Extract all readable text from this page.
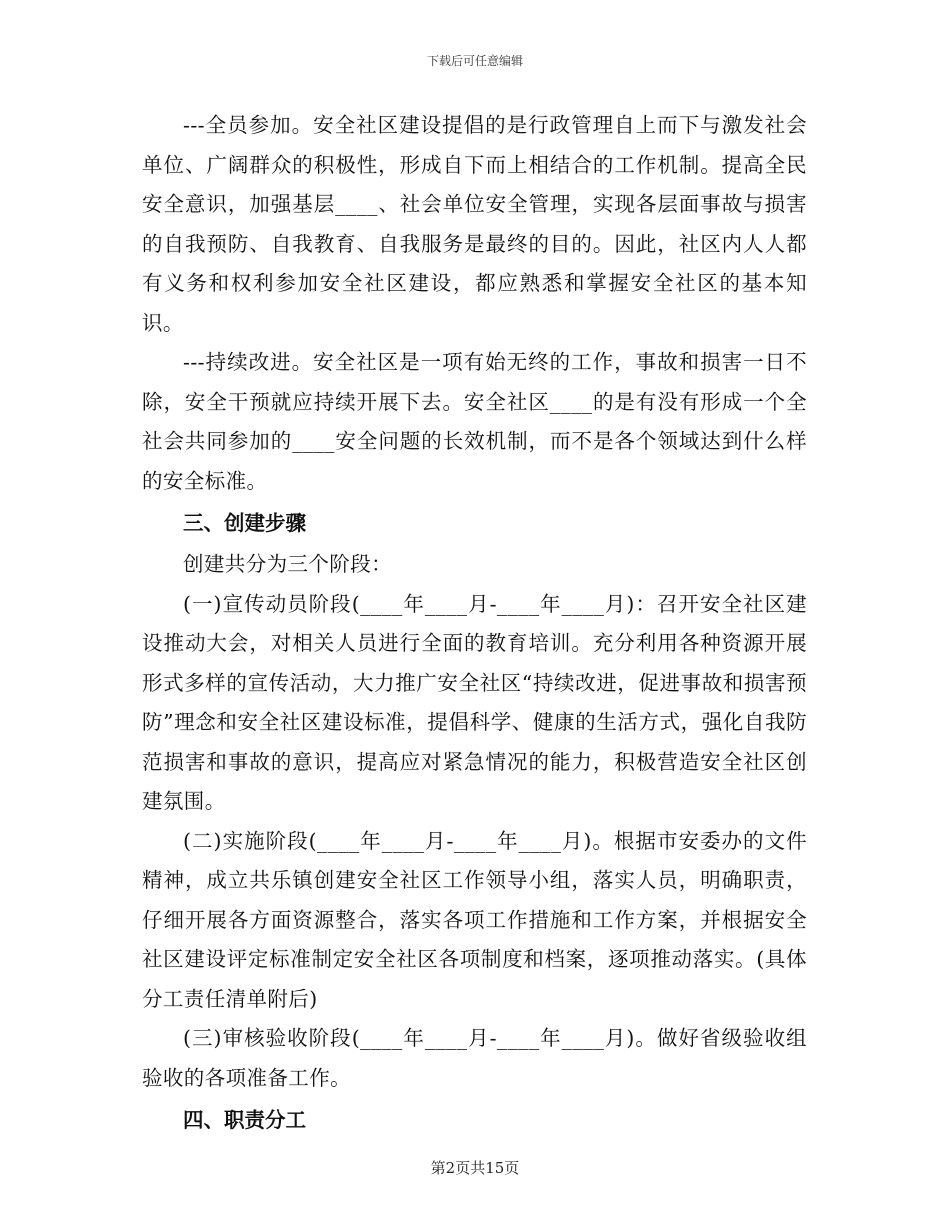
下载后可任意编辑

---全员参加。安全社区建设提倡的是行政管理自上而下与激发社会单位、广阔群众的积极性，形成自下而上相结合的工作机制。提高全民安全意识，加强基层____、社会单位安全管理，实现各层面事故与损害的自我预防、自我教育、自我服务是最终的目的。因此，社区内人人都有义务和权利参加安全社区建设，都应熟悉和掌握安全社区的基本知识。

---持续改进。安全社区是一项有始无终的工作，事故和损害一日不除，安全干预就应持续开展下去。安全社区____的是有没有形成一个全社会共同参加的____安全问题的长效机制，而不是各个领域达到什么样的安全标准。

三、创建步骤

创建共分为三个阶段：

(一)宣传动员阶段(____年____月-____年____月)：召开安全社区建设推动大会，对相关人员进行全面的教育培训。充分利用各种资源开展形式多样的宣传活动，大力推广安全社区“持续改进，促进事故和损害预防”理念和安全社区建设标准，提倡科学、健康的生活方式，强化自我防范损害和事故的意识，提高应对紧急情况的能力，积极营造安全社区创建氛围。

(二)实施阶段(____年____月-____年____月)。根据市安委办的文件精神，成立共乐镇创建安全社区工作领导小组，落实人员，明确职责，仔细开展各方面资源整合，落实各项工作措施和工作方案，并根据安全社区建设评定标准制定安全社区各项制度和档案，逐项推动落实。(具体分工责任清单附后)

(三)审核验收阶段(____年____月-____年____月)。做好省级验收组验收的各项准备工作。

四、职责分工

第2页共15页
